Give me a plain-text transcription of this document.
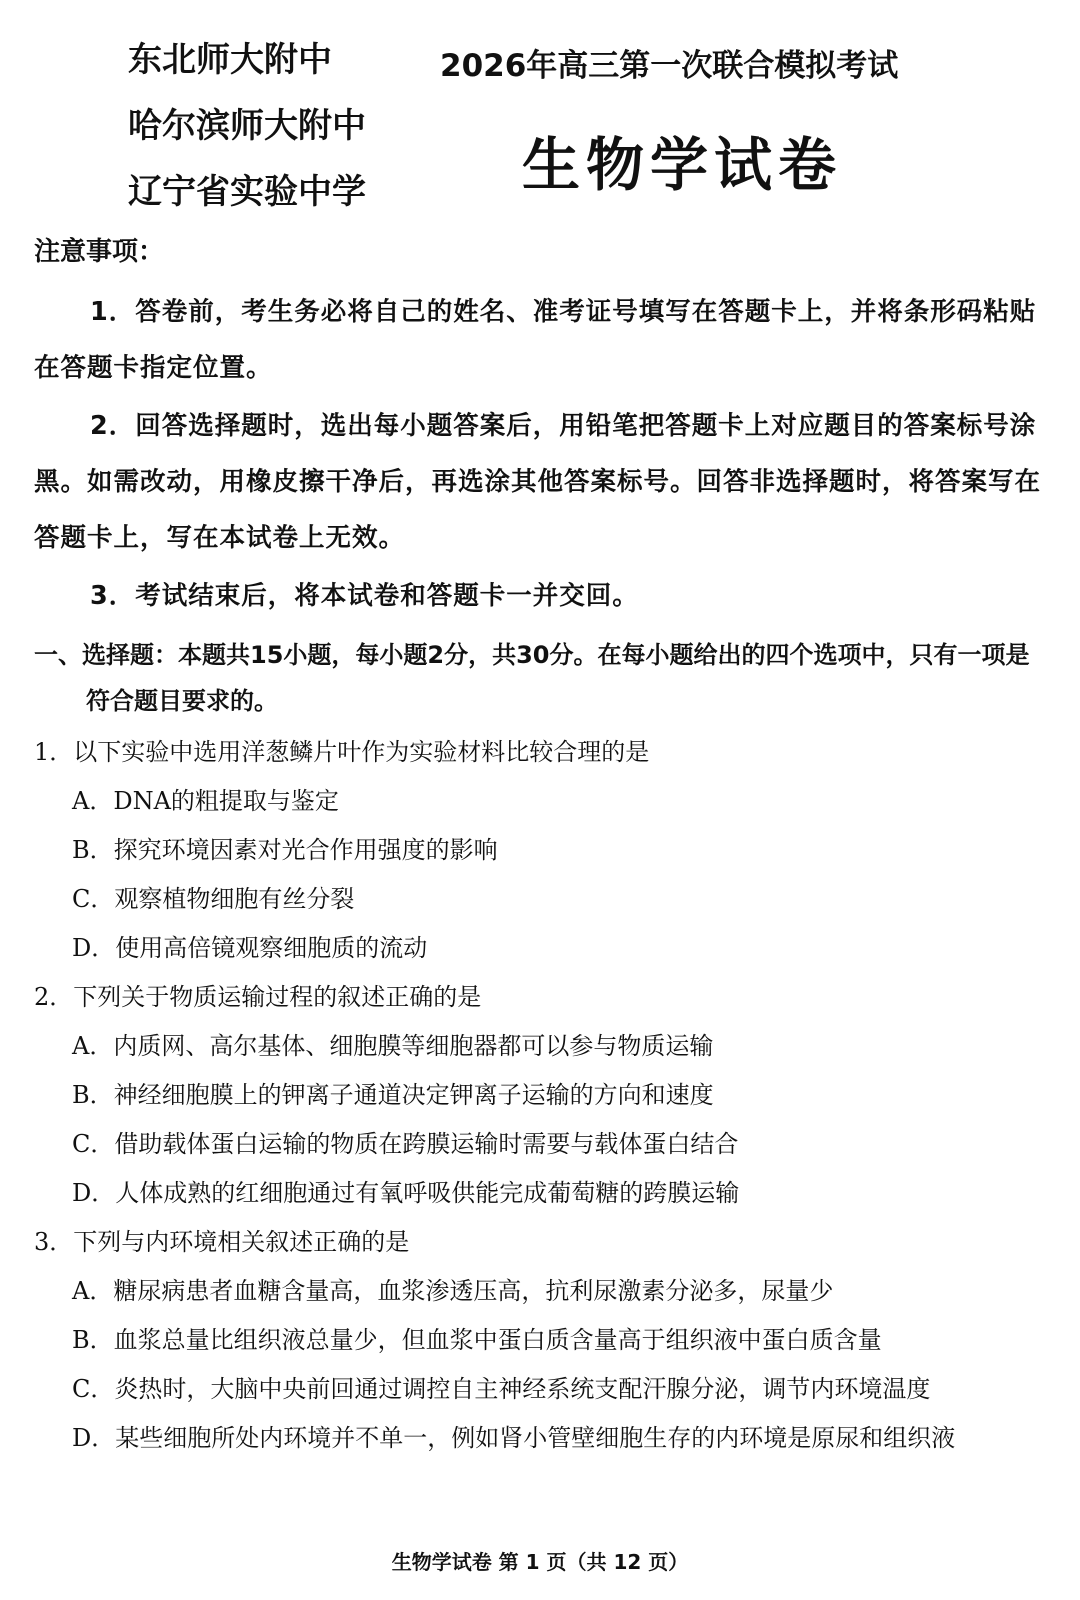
东北师大附中
哈尔滨师大附中
辽宁省实验中学
2026年高三第一次联合模拟考试
生物学试卷
注意事项：
1．答卷前，考生务必将自己的姓名、准考证号填写在答题卡上，并将条形码粘贴在答题卡指定位置。
2．回答选择题时，选出每小题答案后，用铅笔把答题卡上对应题目的答案标号涂黑。如需改动，用橡皮擦干净后，再选涂其他答案标号。回答非选择题时，将答案写在答题卡上，写在本试卷上无效。
3．考试结束后，将本试卷和答题卡一并交回。
一、选择题：本题共15小题，每小题2分，共30分。在每小题给出的四个选项中，只有一项是符合题目要求的。
1．以下实验中选用洋葱鳞片叶作为实验材料比较合理的是
A．DNA的粗提取与鉴定
B．探究环境因素对光合作用强度的影响
C．观察植物细胞有丝分裂
D．使用高倍镜观察细胞质的流动
2．下列关于物质运输过程的叙述正确的是
A．内质网、高尔基体、细胞膜等细胞器都可以参与物质运输
B．神经细胞膜上的钾离子通道决定钾离子运输的方向和速度
C．借助载体蛋白运输的物质在跨膜运输时需要与载体蛋白结合
D．人体成熟的红细胞通过有氧呼吸供能完成葡萄糖的跨膜运输
3．下列与内环境相关叙述正确的是
A．糖尿病患者血糖含量高，血浆渗透压高，抗利尿激素分泌多，尿量少
B．血浆总量比组织液总量少，但血浆中蛋白质含量高于组织液中蛋白质含量
C．炎热时，大脑中央前回通过调控自主神经系统支配汗腺分泌，调节内环境温度
D．某些细胞所处内环境并不单一，例如肾小管壁细胞生存的内环境是原尿和组织液
生物学试卷 第 1 页（共 12 页）
